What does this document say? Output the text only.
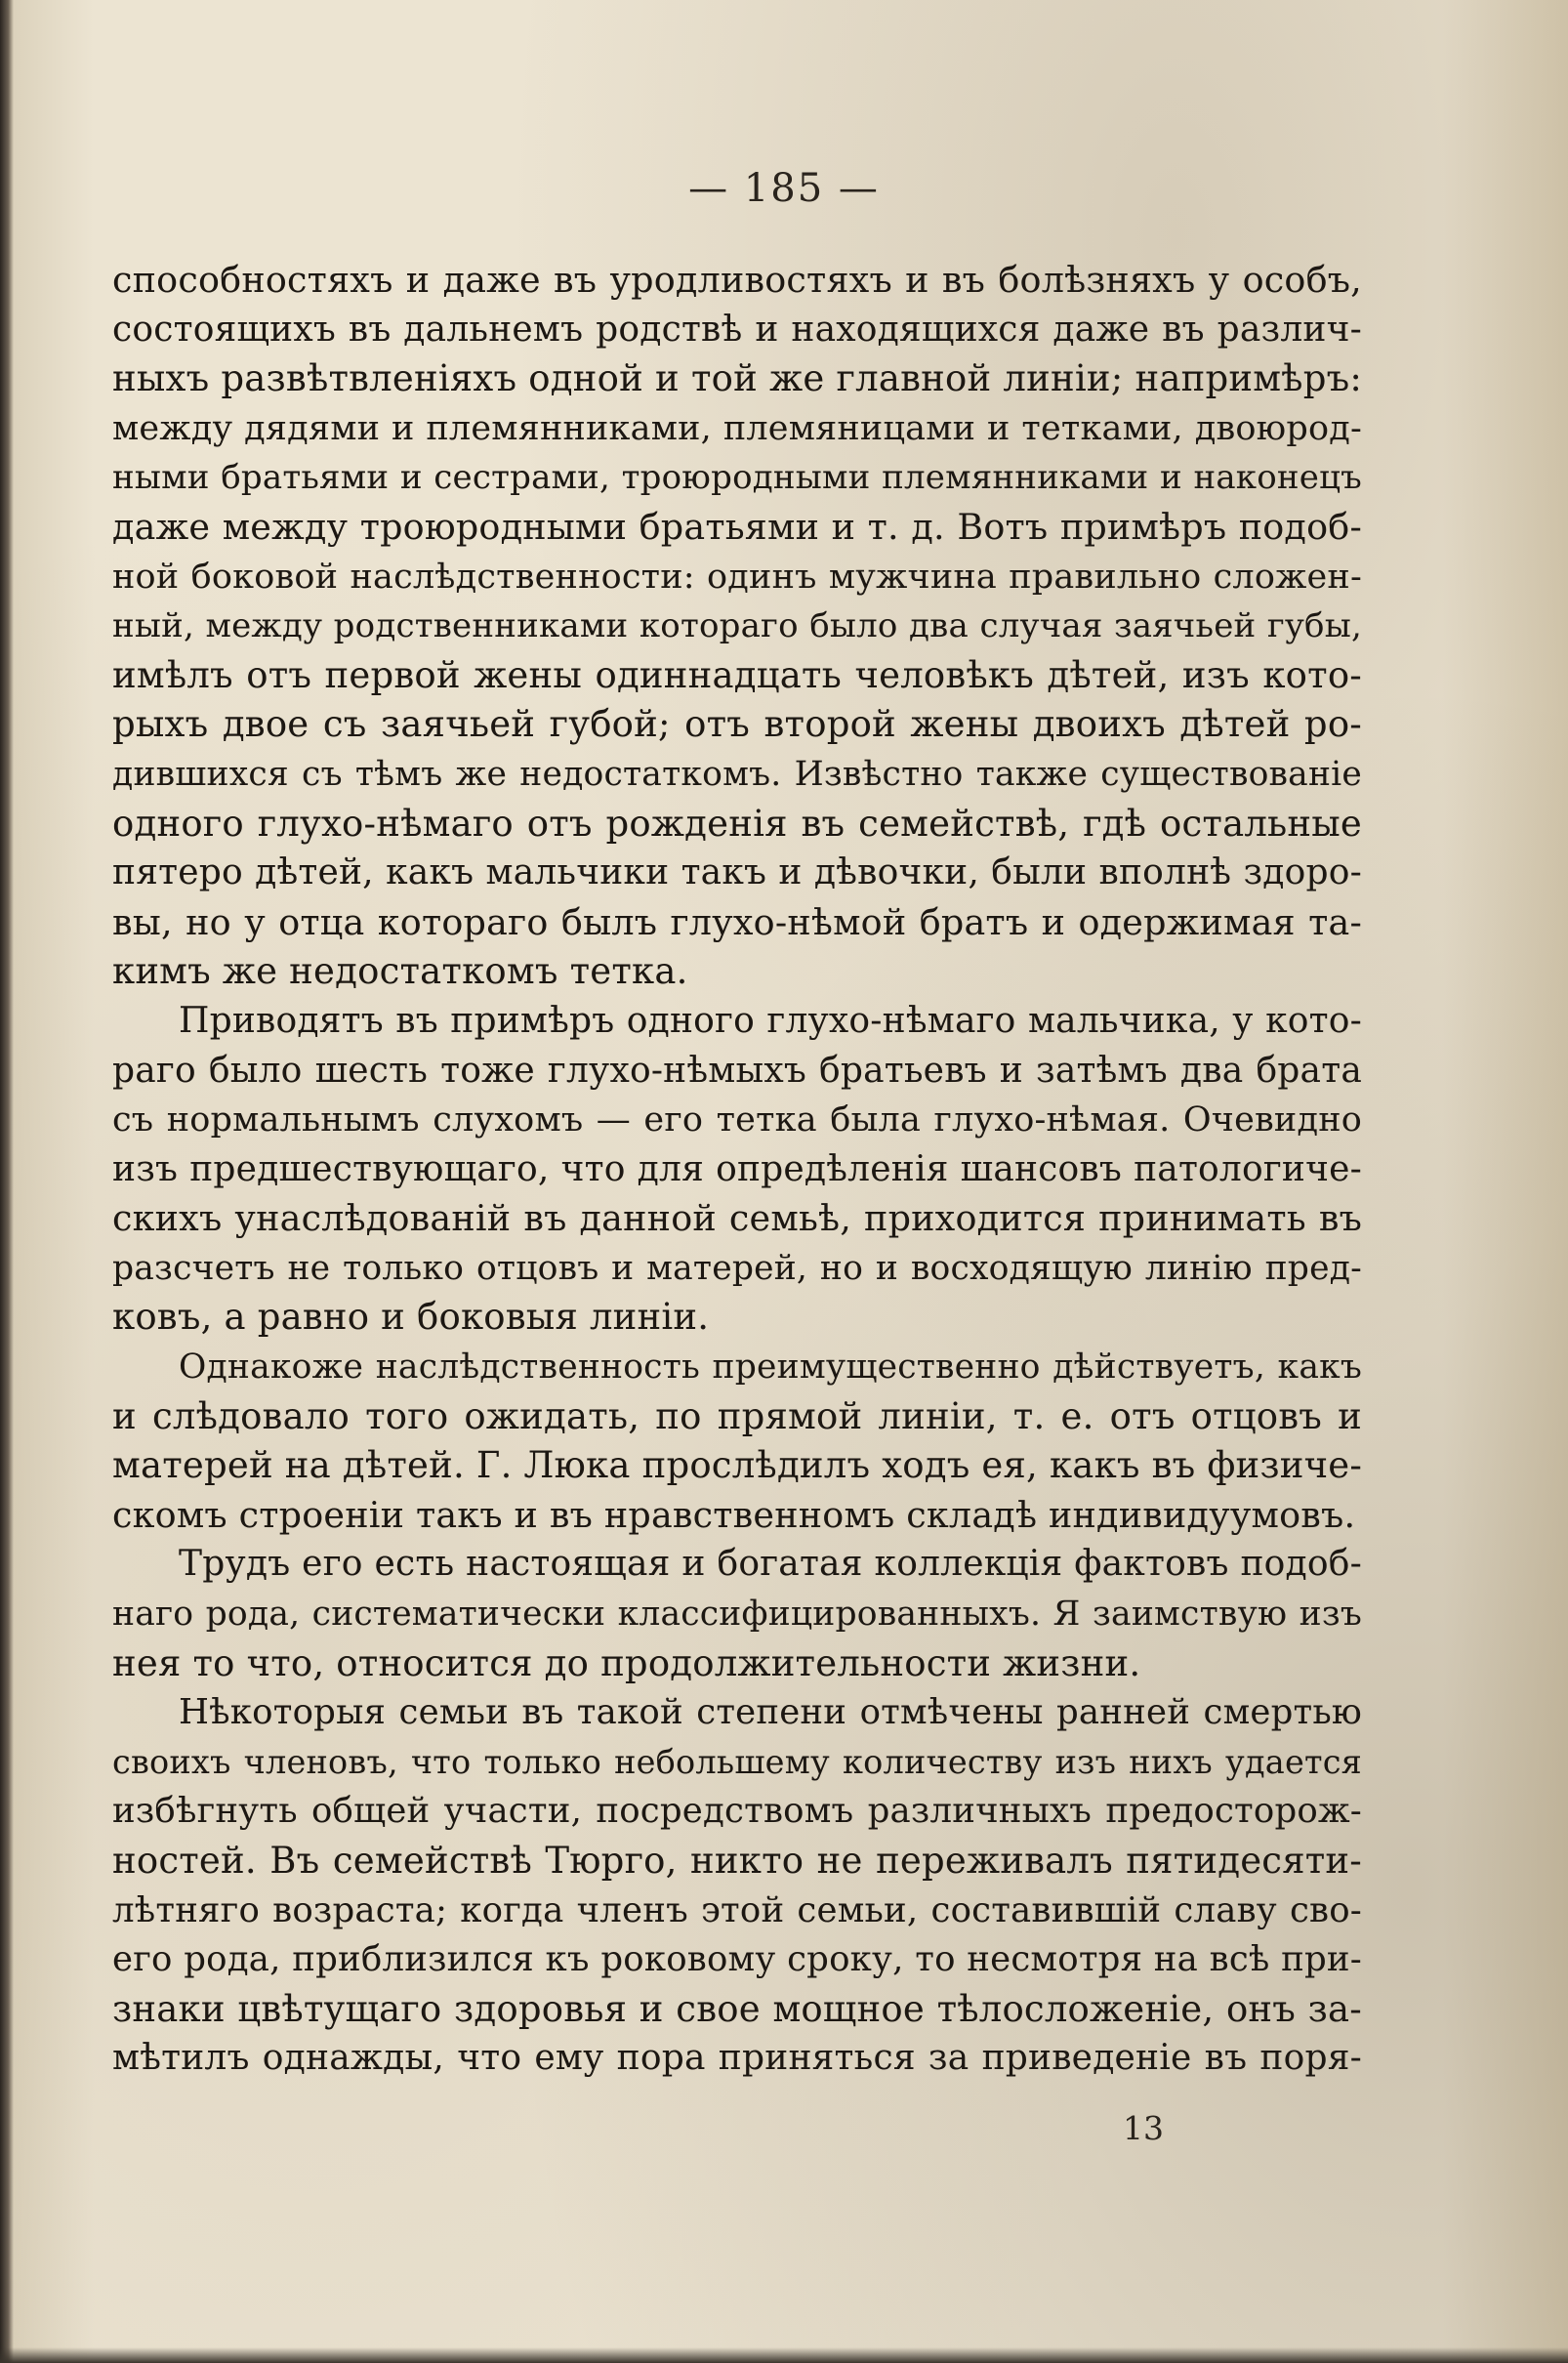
— 185 —
способностяхъ и даже въ уродливостяхъ и въ болѣзняхъ у особъ,
состоящихъ въ дальнемъ родствѣ и находящихся даже въ различ-
ныхъ развѣтвленіяхъ одной и той же главной линіи; напримѣръ:
между дядями и племянниками, племяницами и тетками, двоюрод-
ными братьями и сестрами, троюродными племянниками и наконецъ
даже между троюродными братьями и т. д. Вотъ примѣръ подоб-
ной боковой наслѣдственности: одинъ мужчина правильно сложен-
ный, между родственниками котораго было два случая заячьей губы,
имѣлъ отъ первой жены одиннадцать человѣкъ дѣтей, изъ кото-
рыхъ двое съ заячьей губой; отъ второй жены двоихъ дѣтей ро-
дившихся съ тѣмъ же недостаткомъ. Извѣстно также существованіе
одного глухо-нѣмаго отъ рожденія въ семействѣ, гдѣ остальные
пятеро дѣтей, какъ мальчики такъ и дѣвочки, были вполнѣ здоро-
вы, но у отца котораго былъ глухо-нѣмой братъ и одержимая та-
кимъ же недостаткомъ тетка.
Приводятъ въ примѣръ одного глухо-нѣмаго мальчика, у кото-
раго было шесть тоже глухо-нѣмыхъ братьевъ и затѣмъ два брата
съ нормальнымъ слухомъ — его тетка была глухо-нѣмая. Очевидно
изъ предшествующаго, что для опредѣленія шансовъ патологиче-
скихъ унаслѣдованій въ данной семьѣ, приходится принимать въ
разсчетъ не только отцовъ и матерей, но и восходящую линію пред-
ковъ, а равно и боковыя линіи.
Однакоже наслѣдственность преимущественно дѣйствуетъ, какъ
и слѣдовало того ожидать, по прямой линіи, т. е. отъ отцовъ и
матерей на дѣтей. Г. Люка прослѣдилъ ходъ ея, какъ въ физиче-
скомъ строеніи такъ и въ нравственномъ складѣ индивидуумовъ.
Трудъ его есть настоящая и богатая коллекція фактовъ подоб-
наго рода, систематически классифицированныхъ. Я заимствую изъ
нея то что, относится до продолжительности жизни.
Нѣкоторыя семьи въ такой степени отмѣчены ранней смертью
своихъ членовъ, что только небольшему количеству изъ нихъ удается
избѣгнуть общей участи, посредствомъ различныхъ предосторож-
ностей. Въ семействѣ Тюрго, никто не переживалъ пятидесяти-
лѣтняго возраста; когда членъ этой семьи, составившій славу сво-
его рода, приблизился къ роковому сроку, то несмотря на всѣ при-
знаки цвѣтущаго здоровья и свое мощное тѣлосложеніе, онъ за-
мѣтилъ однажды, что ему пора приняться за приведеніе въ поря-
13
